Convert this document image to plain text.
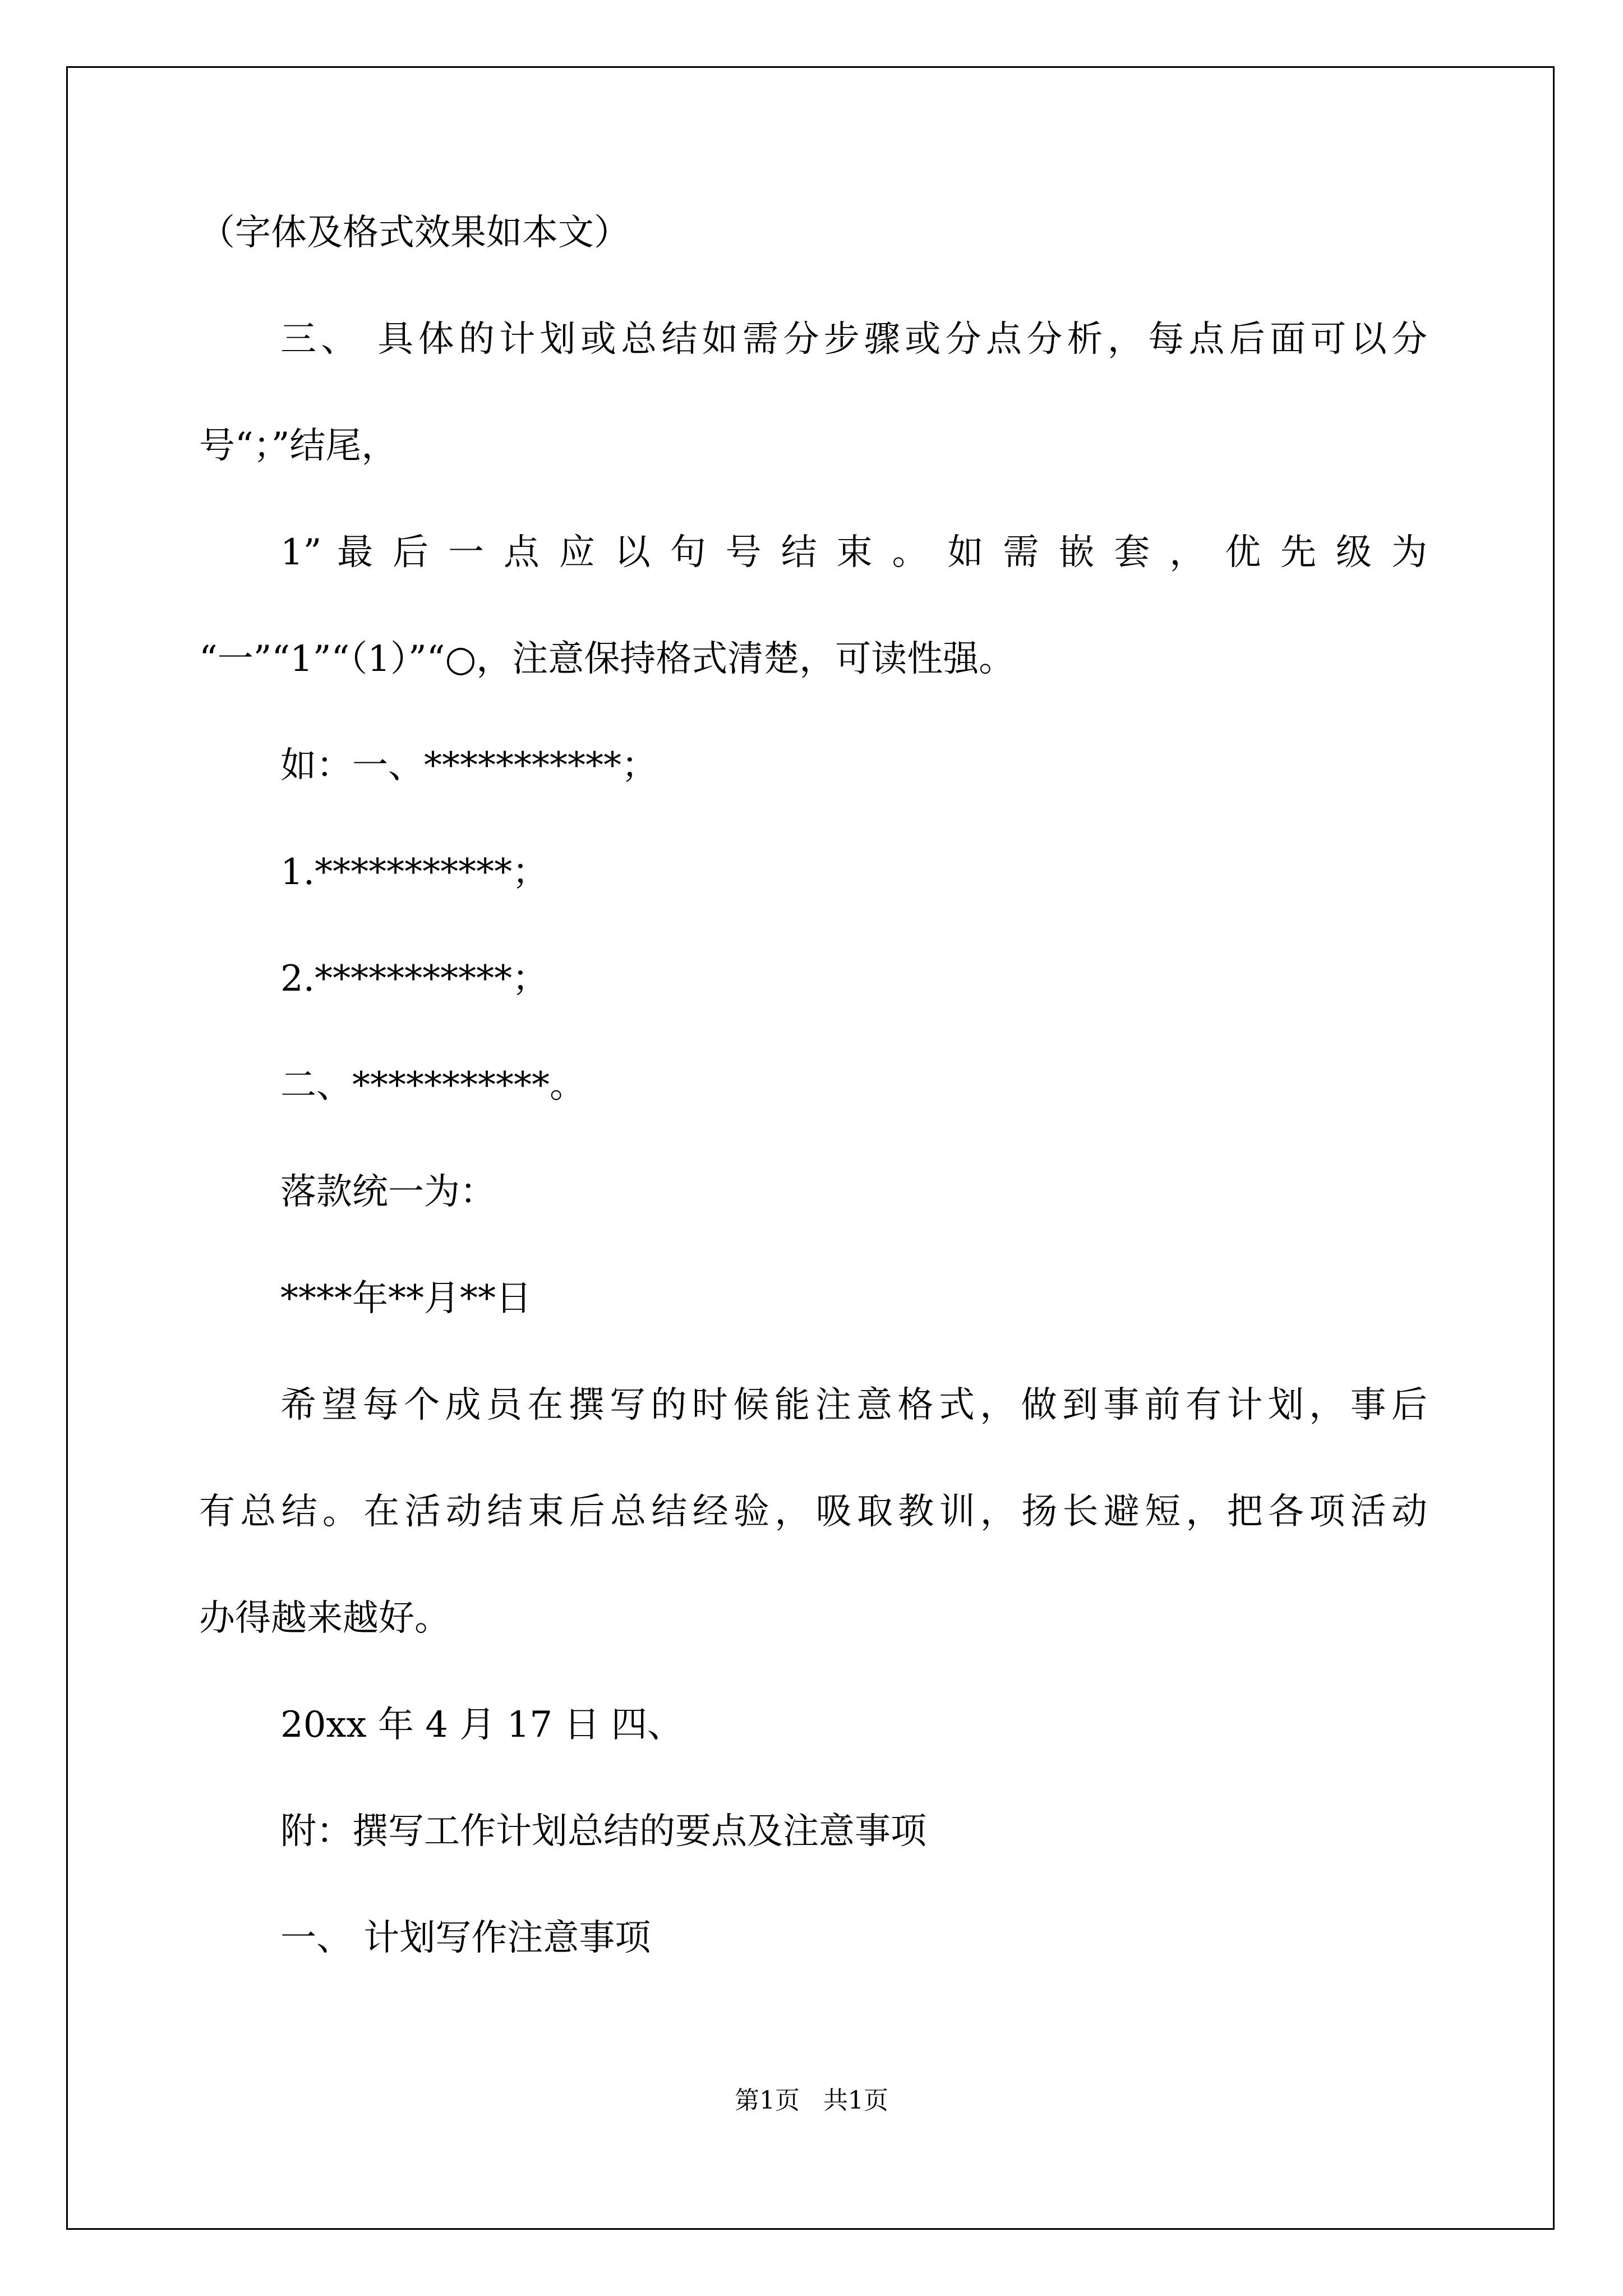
（字体及格式效果如本文）
三、 具体的计划或总结如需分步骤或分点分析，每点后面可以分
号“；”结尾，
1” 最 后 一 点 应 以 句 号 结 束 。 如 需 嵌 套 ， 优 先 级 为
“一”“1”“（1）”“○，注意保持格式清楚，可读性强。
如：一、***********；
1.***********；
2.***********；
二、***********。
落款统一为：
****年**月**日
希望每个成员在撰写的时候能注意格式，做到事前有计划，事后
有总结。在活动结束后总结经验，吸取教训，扬长避短，把各项活动
办得越来越好。
20xx 年 4 月 17 日 四、
附：撰写工作计划总结的要点及注意事项
一、 计划写作注意事项
第1页   共1页
